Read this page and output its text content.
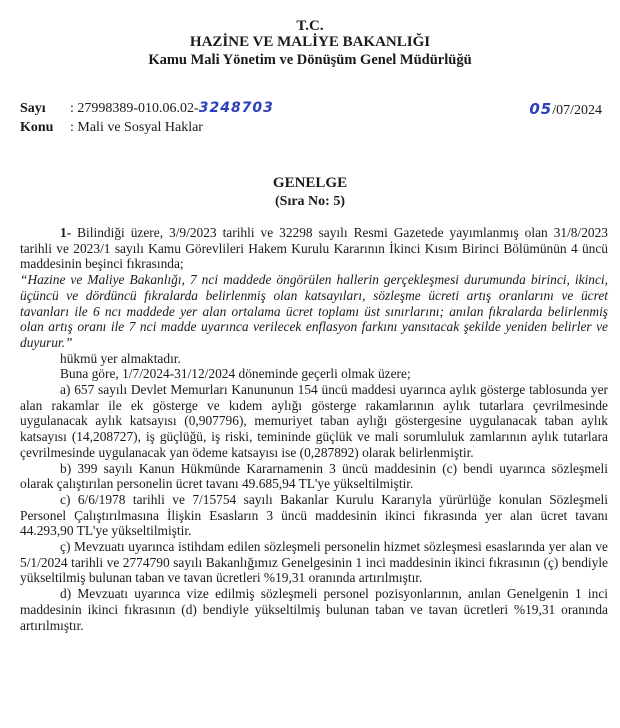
T.C.
HAZİNE VE MALİYE BAKANLIĞI
Kamu Mali Yönetim ve Dönüşüm Genel Müdürlüğü
Sayı : 27998389-010.06.02-3248703	05/07/2024
Konu : Mali ve Sosyal Haklar
GENELGE
(Sıra No: 5)

1- Bilindiği üzere, 3/9/2023 tarihli ve 32298 sayılı Resmi Gazetede yayımlanmış olan 31/8/2023 tarihli ve 2023/1 sayılı Kamu Görevlileri Hakem Kurulu Kararının İkinci Kısım Birinci Bölümünün 4 üncü maddesinin beşinci fıkrasında;

“Hazine ve Maliye Bakanlığı, 7 nci maddede öngörülen hallerin gerçekleşmesi durumunda birinci, ikinci, üçüncü ve dördüncü fıkralarda belirlenmiş olan katsayıları, sözleşme ücreti artış oranlarını ve ücret tavanları ile 6 ncı maddede yer alan ortalama ücret toplamı üst sınırlarını; anılan fıkralarda belirlenmiş olan artış oranı ile 7 nci madde uyarınca verilecek enflasyon farkını yansıtacak şekilde yeniden belirler ve duyurur.”

hükmü yer almaktadır.

Buna göre, 1/7/2024-31/12/2024 döneminde geçerli olmak üzere;

a) 657 sayılı Devlet Memurları Kanununun 154 üncü maddesi uyarınca aylık gösterge tablosunda yer alan rakamlar ile ek gösterge ve kıdem aylığı gösterge rakamlarının aylık tutarlara çevrilmesinde uygulanacak aylık katsayısı (0,907796), memuriyet taban aylığı göstergesine uygulanacak taban aylık katsayısı (14,208727), iş güçlüğü, iş riski, temininde güçlük ve mali sorumluluk zamlarının aylık tutarlara çevrilmesinde uygulanacak yan ödeme katsayısı ise (0,287892) olarak belirlenmiştir.

b) 399 sayılı Kanun Hükmünde Kararnamenin 3 üncü maddesinin (c) bendi uyarınca sözleşmeli olarak çalıştırılan personelin ücret tavanı 49.685,94 TL'ye yükseltilmiştir.

c) 6/6/1978 tarihli ve 7/15754 sayılı Bakanlar Kurulu Kararıyla yürürlüğe konulan Sözleşmeli Personel Çalıştırılmasına İlişkin Esasların 3 üncü maddesinin ikinci fıkrasında yer alan ücret tavanı 44.293,90 TL'ye yükseltilmiştir.

ç) Mevzuatı uyarınca istihdam edilen sözleşmeli personelin hizmet sözleşmesi esaslarında yer alan ve 5/1/2024 tarihli ve 2774790 sayılı Bakanlığımız Genelgesinin 1 inci maddesinin ikinci fıkrasının (ç) bendiyle yükseltilmiş bulunan taban ve tavan ücretleri %19,31 oranında artırılmıştır.

d) Mevzuatı uyarınca vize edilmiş sözleşmeli personel pozisyonlarının, anılan Genelgenin 1 inci maddesinin ikinci fıkrasının (d) bendiyle yükseltilmiş bulunan taban ve tavan ücretleri %19,31 oranında artırılmıştır.
